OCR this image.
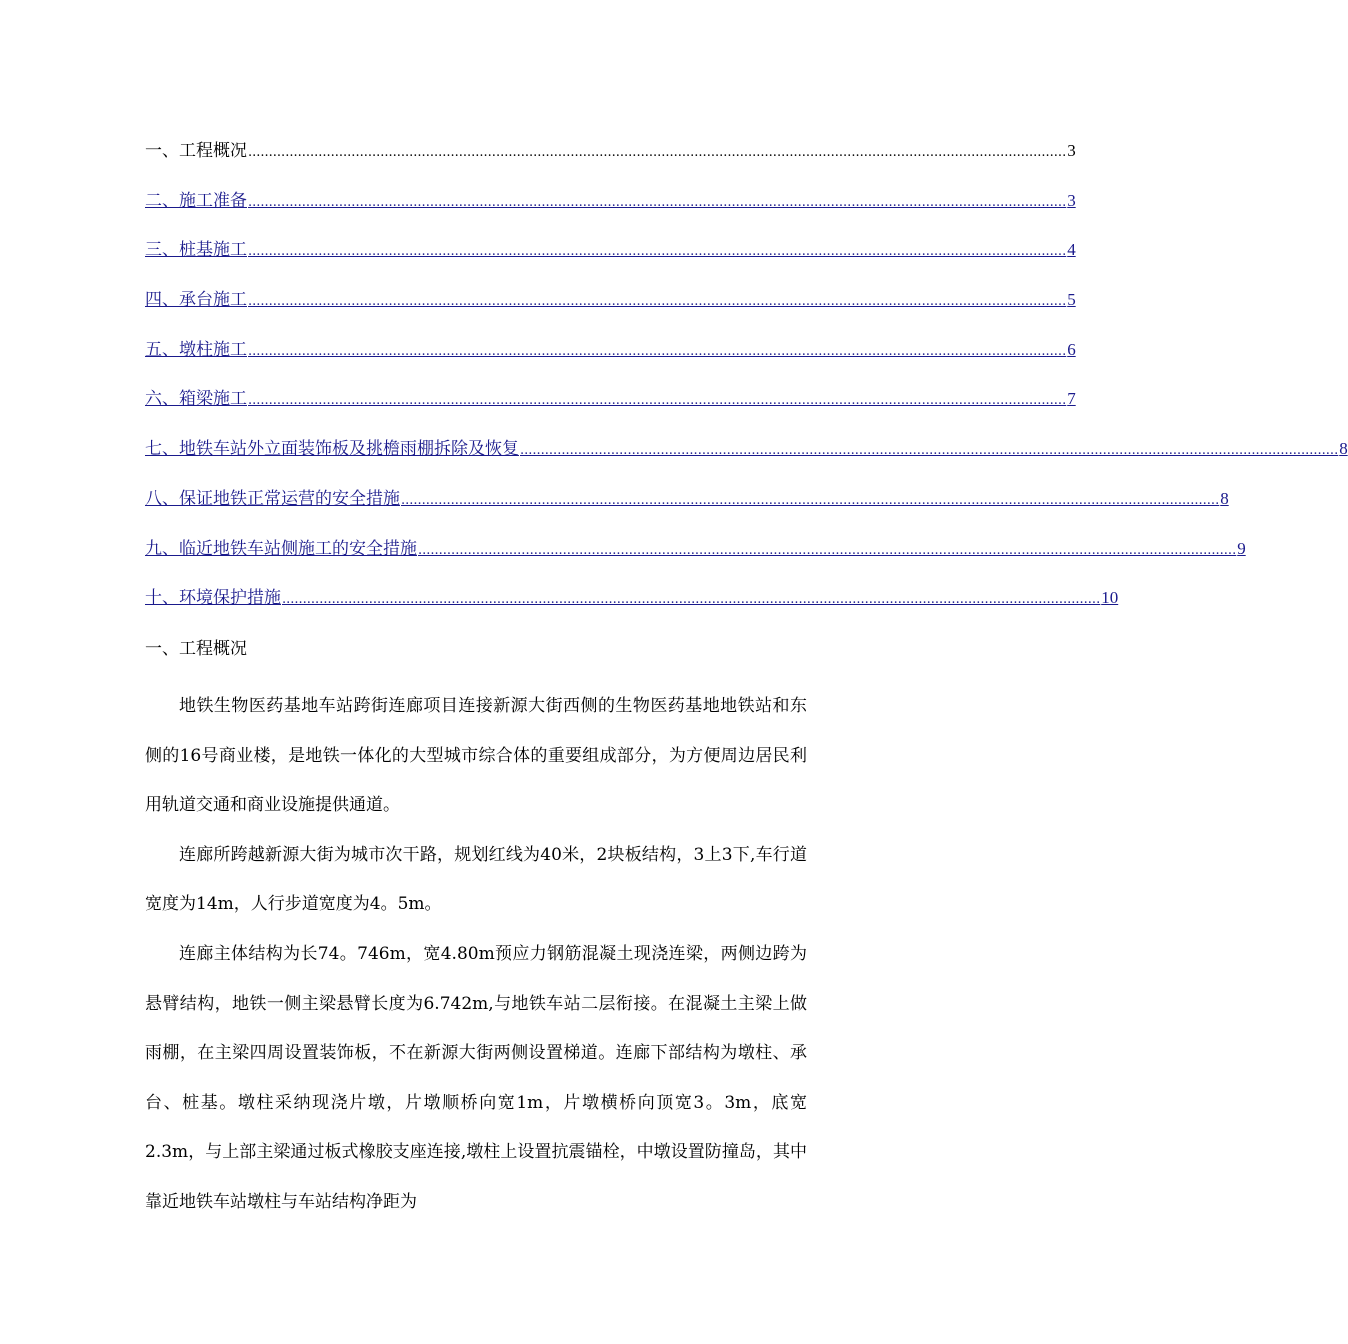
一、工程概况 ...................................................................................................................................................................................................... 3
二、施工准备 ...................................................................................................................................................................................................... 3
三、桩基施工 ...................................................................................................................................................................................................... 4
四、承台施工 ...................................................................................................................................................................................................... 5
五、墩柱施工 ...................................................................................................................................................................................................... 6
六、箱梁施工 ...................................................................................................................................................................................................... 7
七、地铁车站外立面装饰板及挑檐雨棚拆除及恢复 ...................................................................................................................................................................................................... 8
八、保证地铁正常运营的安全措施 ...................................................................................................................................................................................................... 8
九、临近地铁车站侧施工的安全措施 ...................................................................................................................................................................................................... 9
十、环境保护措施 ...................................................................................................................................................................................................... 10
一、工程概况

地铁生物医药基地车站跨街连廊项目连接新源大街西侧的生物医药基地地铁站和东侧的16号商业楼，是地铁一体化的大型城市综合体的重要组成部分，为方便周边居民利用轨道交通和商业设施提供通道。

连廊所跨越新源大街为城市次干路，规划红线为40米，2块板结构，3上3下,车行道宽度为14m，人行步道宽度为4。5m。

连廊主体结构为长74。746m，宽4.80m预应力钢筋混凝土现浇连梁，两侧边跨为悬臂结构，地铁一侧主梁悬臂长度为6.742m,与地铁车站二层衔接。在混凝土主梁上做雨棚，在主梁四周设置装饰板，不在新源大街两侧设置梯道。连廊下部结构为墩柱、承台、桩基。墩柱采纳现浇片墩，片墩顺桥向宽1m，片墩横桥向顶宽3。3m，底宽2.3m，与上部主梁通过板式橡胶支座连接,墩柱上设置抗震锚栓，中墩设置防撞岛，其中靠近地铁车站墩柱与车站结构净距为
